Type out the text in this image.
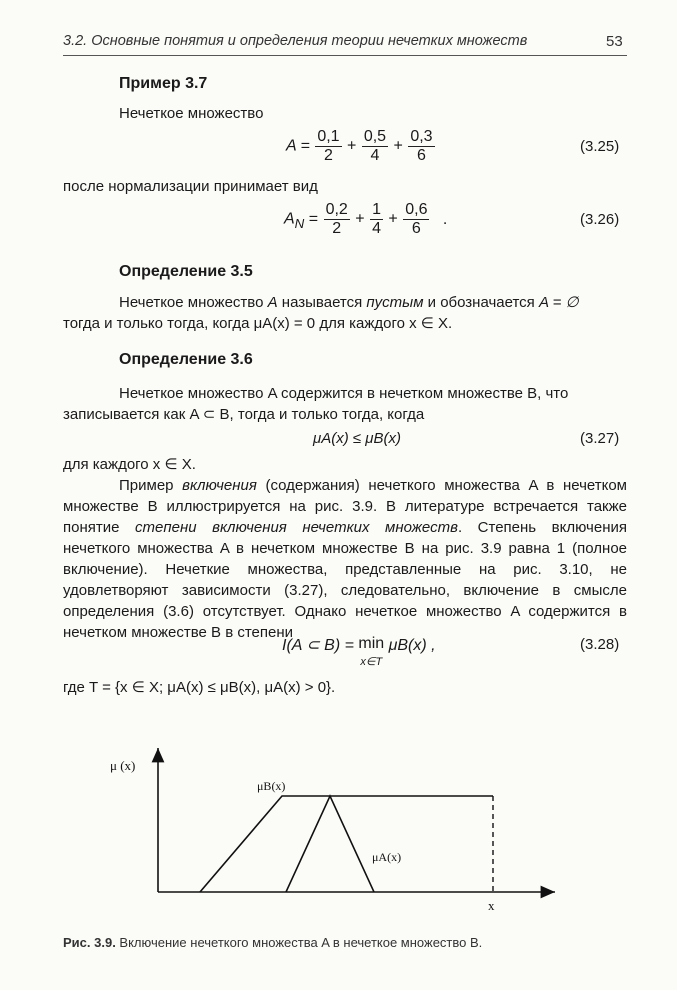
3.2. Основные понятия и определения теории нечетких множеств	53
Пример 3.7
Нечеткое множество
$A = \frac{0,1}{2} + \frac{0,5}{4} + \frac{0,3}{6}$	(3.25)
после нормализации принимает вид
$A_N = \frac{0,2}{2} + \frac{1}{4} + \frac{0,6}{6}$ .	(3.26)
Определение 3.5
Нечеткое множество A называется пустым и обозначается A = ∅
тогда и только тогда, когда μA(x) = 0 для каждого x ∈ X.
Определение 3.6
Нечеткое множество A содержится в нечетком множестве B, что
записывается как A ⊂ B, тогда и только тогда, когда
μA(x) ≤ μB(x)	(3.27)
для каждого x ∈ X.
Пример включения (содержания) нечеткого множества A в нечетком множестве B иллюстрируется на рис. 3.9. В литературе встречается также понятие степени включения нечетких множеств. Степень включения нечеткого множества A в нечетком множестве B на рис. 3.9 равна 1 (полное включение). Нечеткие множества, представленные на рис. 3.10, не удовлетворяют зависимости (3.27), следовательно, включение в смысле определения (3.6) отсутствует. Однако нечеткое множество A содержится в нечетком множестве B в степени
I(A ⊂ B) = min
x∈T μB(x) ,	(3.28)
где T = {x ∈ X; μA(x) ≤ μB(x), μA(x) > 0}.
μ (x)
x
μB(x)
μA(x)
Рис. 3.9. Включение нечеткого множества A в нечеткое множество B.
